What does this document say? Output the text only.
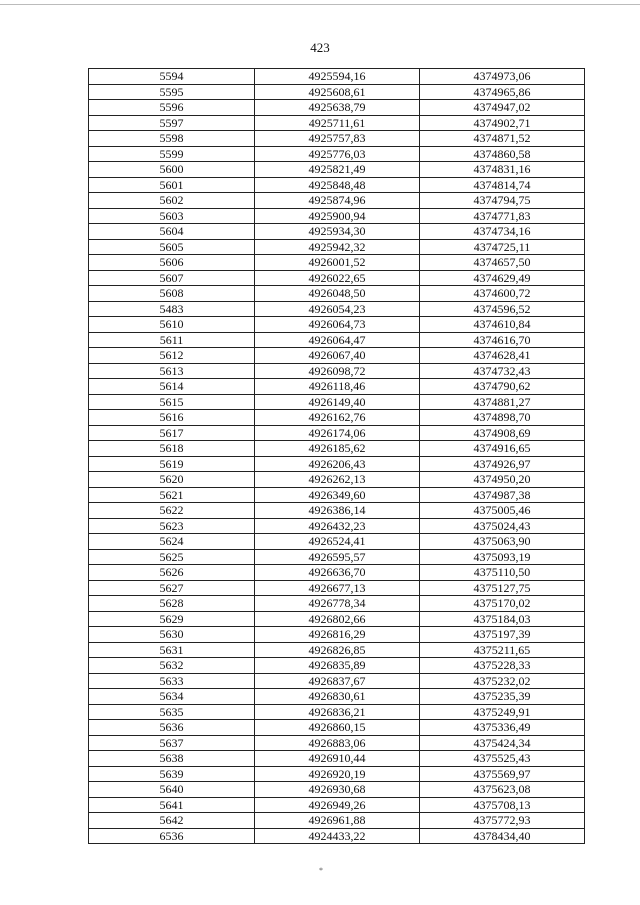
423
5594	4925594,16	4374973,06
5595	4925608,61	4374965,86
5596	4925638,79	4374947,02
5597	4925711,61	4374902,71
5598	4925757,83	4374871,52
5599	4925776,03	4374860,58
5600	4925821,49	4374831,16
5601	4925848,48	4374814,74
5602	4925874,96	4374794,75
5603	4925900,94	4374771,83
5604	4925934,30	4374734,16
5605	4925942,32	4374725,11
5606	4926001,52	4374657,50
5607	4926022,65	4374629,49
5608	4926048,50	4374600,72
5483	4926054,23	4374596,52
5610	4926064,73	4374610,84
5611	4926064,47	4374616,70
5612	4926067,40	4374628,41
5613	4926098,72	4374732,43
5614	4926118,46	4374790,62
5615	4926149,40	4374881,27
5616	4926162,76	4374898,70
5617	4926174,06	4374908,69
5618	4926185,62	4374916,65
5619	4926206,43	4374926,97
5620	4926262,13	4374950,20
5621	4926349,60	4374987,38
5622	4926386,14	4375005,46
5623	4926432,23	4375024,43
5624	4926524,41	4375063,90
5625	4926595,57	4375093,19
5626	4926636,70	4375110,50
5627	4926677,13	4375127,75
5628	4926778,34	4375170,02
5629	4926802,66	4375184,03
5630	4926816,29	4375197,39
5631	4926826,85	4375211,65
5632	4926835,89	4375228,33
5633	4926837,67	4375232,02
5634	4926830,61	4375235,39
5635	4926836,21	4375249,91
5636	4926860,15	4375336,49
5637	4926883,06	4375424,34
5638	4926910,44	4375525,43
5639	4926920,19	4375569,97
5640	4926930,68	4375623,08
5641	4926949,26	4375708,13
5642	4926961,88	4375772,93
6536	4924433,22	4378434,40
*
